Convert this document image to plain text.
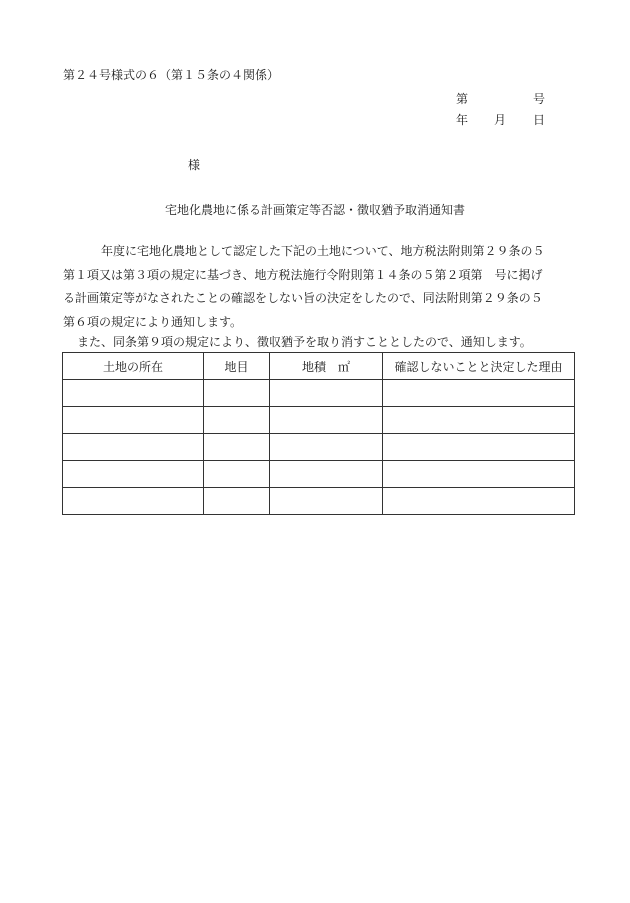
第２４号様式の６（第１５条の４関係）
第	号
年 月 日
様
宅地化農地に係る計画策定等否認・徴収猶予取消通知書
年度に宅地化農地として認定した下記の土地について、地方税法附則第２９条の５
第１項又は第３項の規定に基づき、地方税法施行令附則第１４条の５第２項第　号に掲げ
る計画策定等がなされたことの確認をしない旨の決定をしたので、同法附則第２９条の５
第６項の規定により通知します。
また、同条第９項の規定により、徴収猶予を取り消すこととしたので、通知します。
土地の所在	地目	地積　㎡	確認しないことと決定した理由
